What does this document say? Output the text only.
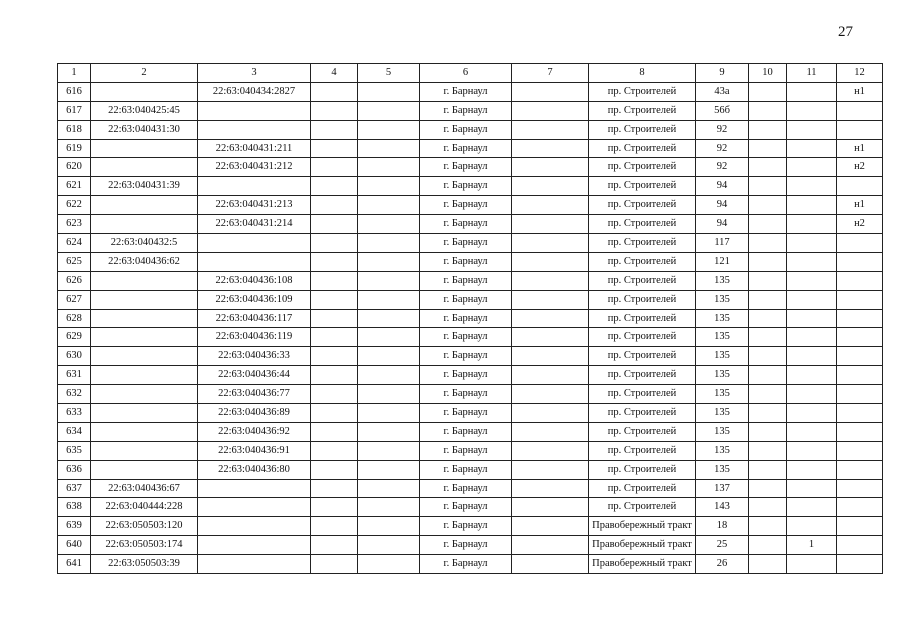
27
1	2	3	4	5	6	7	8	9	10	11	12
616		22:63:040434:2827			г. Барнаул		пр. Строителей	43а			н1
617	22:63:040425:45				г. Барнаул		пр. Строителей	56б			
618	22:63:040431:30				г. Барнаул		пр. Строителей	92			
619		22:63:040431:211			г. Барнаул		пр. Строителей	92			н1
620		22:63:040431:212			г. Барнаул		пр. Строителей	92			н2
621	22:63:040431:39				г. Барнаул		пр. Строителей	94			
622		22:63:040431:213			г. Барнаул		пр. Строителей	94			н1
623		22:63:040431:214			г. Барнаул		пр. Строителей	94			н2
624	22:63:040432:5				г. Барнаул		пр. Строителей	117			
625	22:63:040436:62				г. Барнаул		пр. Строителей	121			
626		22:63:040436:108			г. Барнаул		пр. Строителей	135			
627		22:63:040436:109			г. Барнаул		пр. Строителей	135			
628		22:63:040436:117			г. Барнаул		пр. Строителей	135			
629		22:63:040436:119			г. Барнаул		пр. Строителей	135			
630		22:63:040436:33			г. Барнаул		пр. Строителей	135			
631		22:63:040436:44			г. Барнаул		пр. Строителей	135			
632		22:63:040436:77			г. Барнаул		пр. Строителей	135			
633		22:63:040436:89			г. Барнаул		пр. Строителей	135			
634		22:63:040436:92			г. Барнаул		пр. Строителей	135			
635		22:63:040436:91			г. Барнаул		пр. Строителей	135			
636		22:63:040436:80			г. Барнаул		пр. Строителей	135			
637	22:63:040436:67				г. Барнаул		пр. Строителей	137			
638	22:63:040444:228				г. Барнаул		пр. Строителей	143			
639	22:63:050503:120				г. Барнаул		Правобережный тракт	18			
640	22:63:050503:174				г. Барнаул		Правобережный тракт	25		1	
641	22:63:050503:39				г. Барнаул		Правобережный тракт	26			
